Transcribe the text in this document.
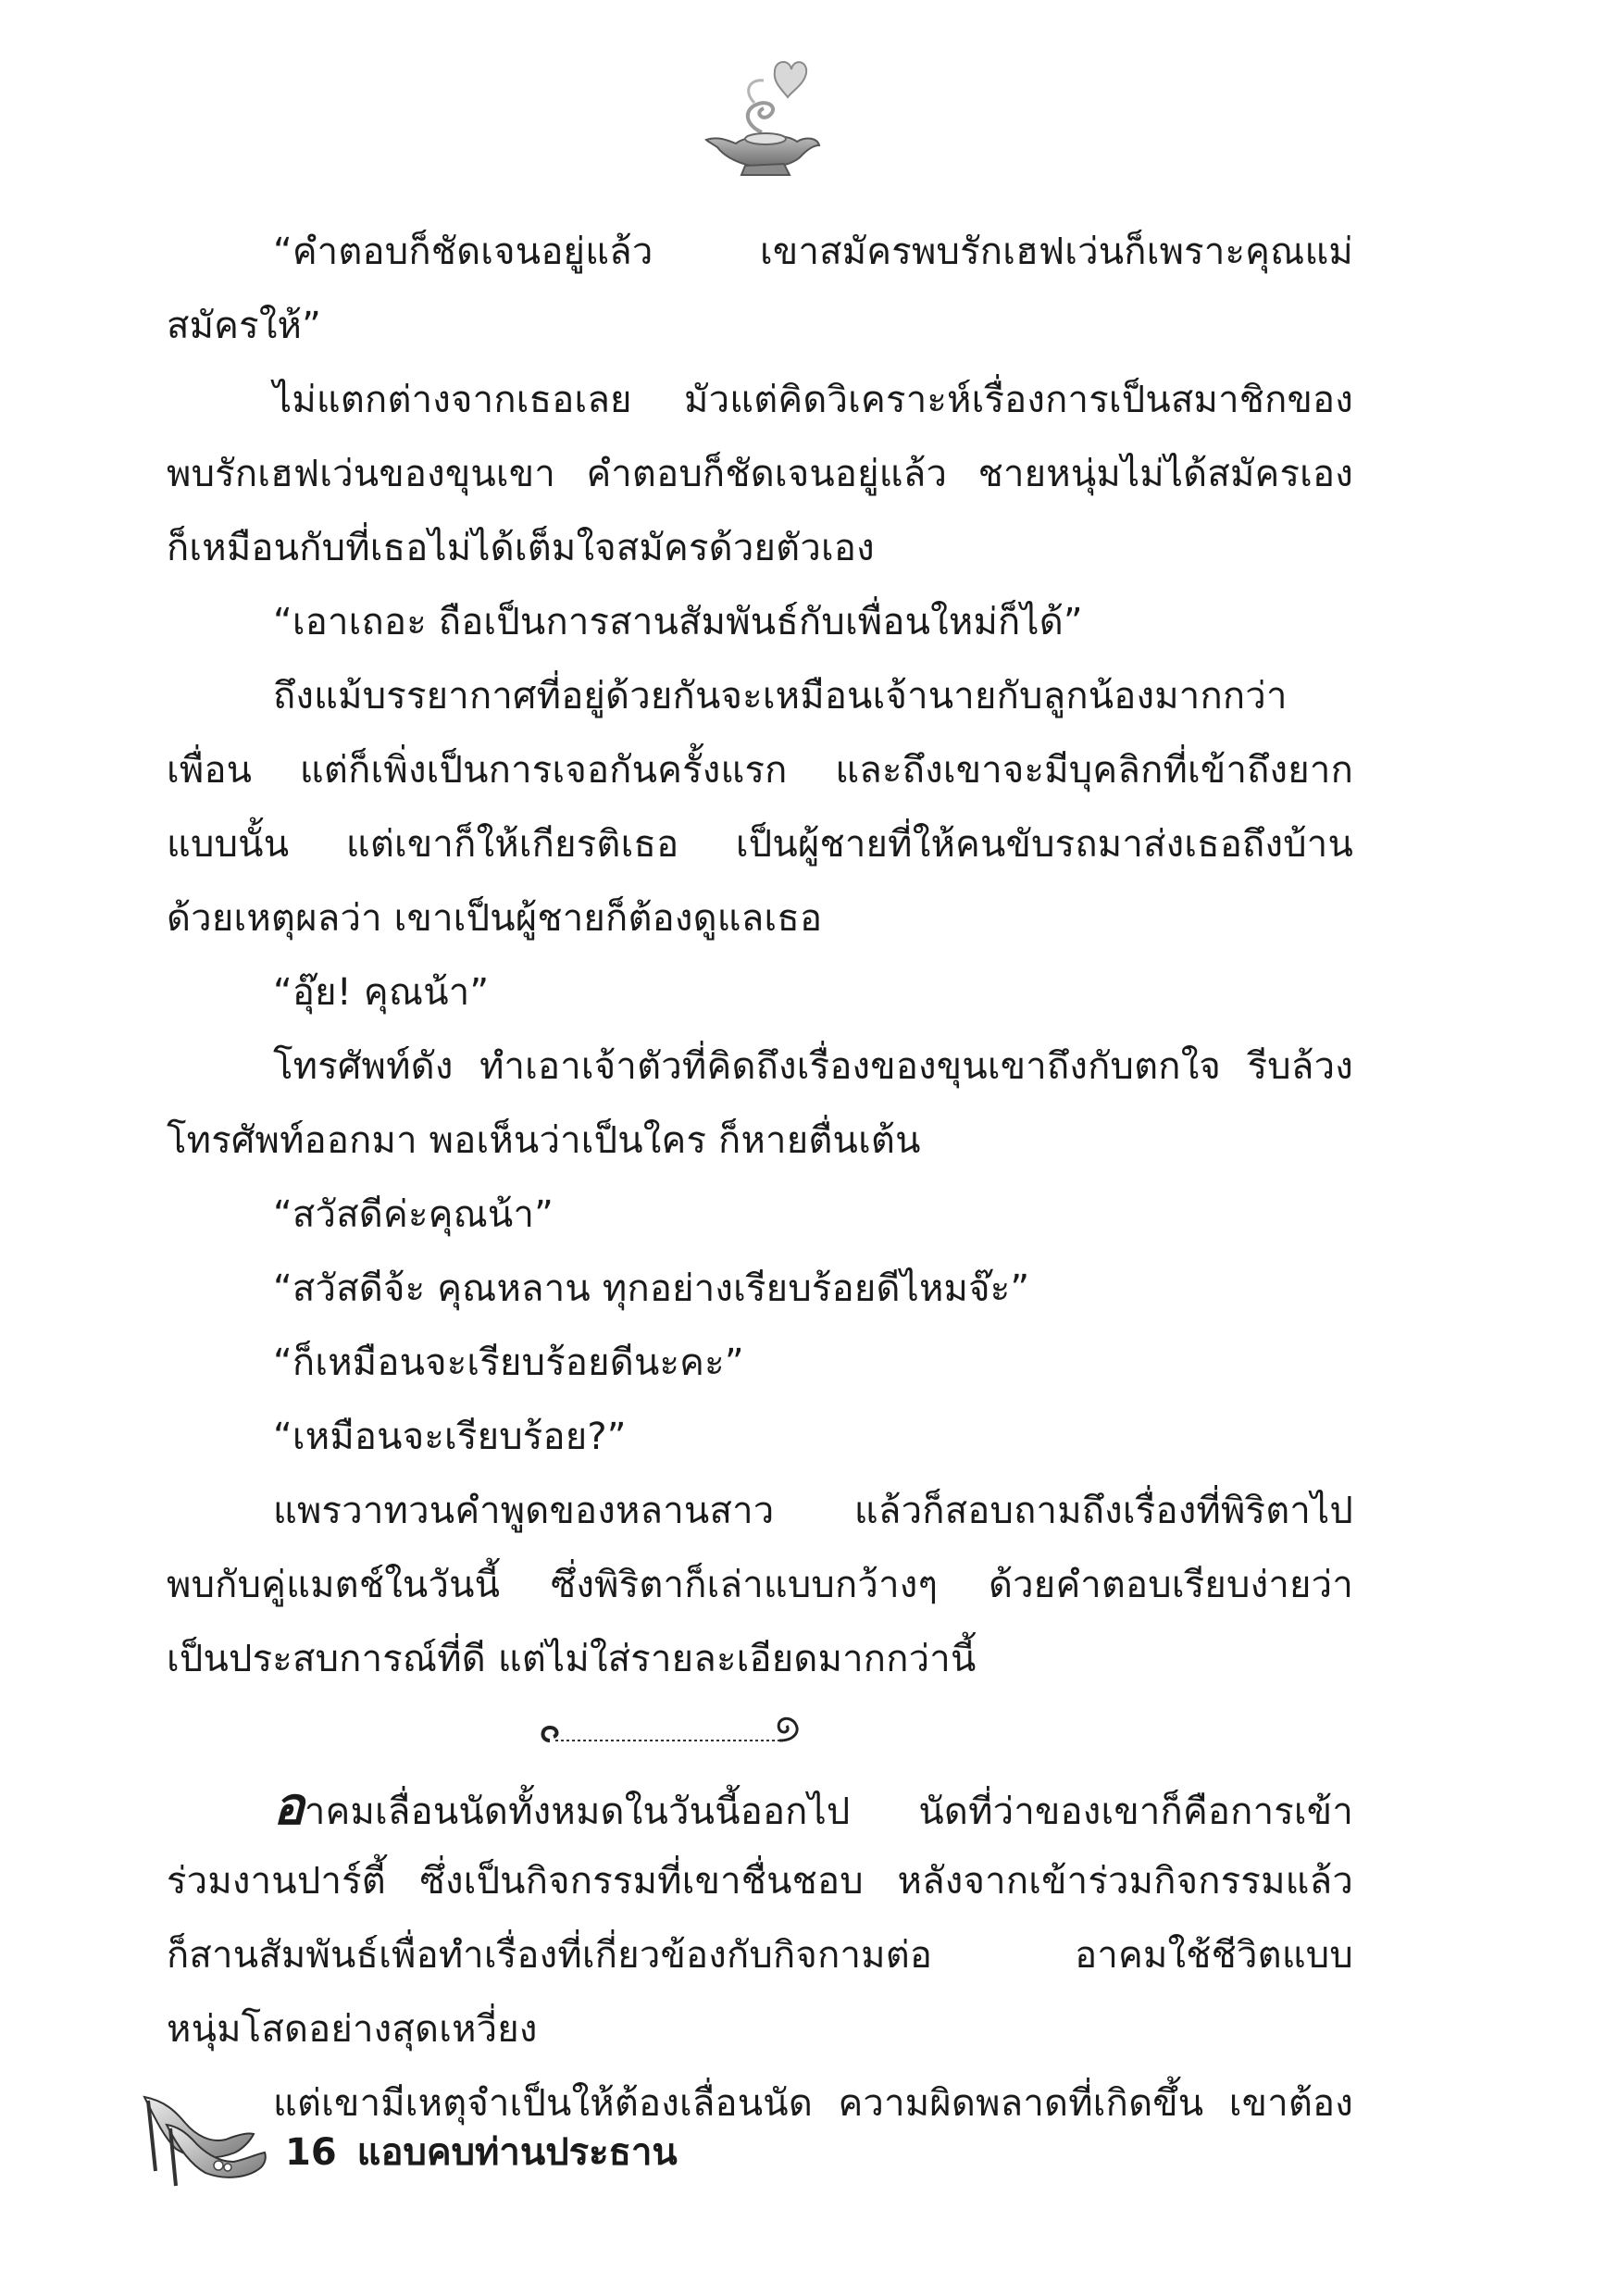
“คำตอบก็ชัดเจนอยู่แล้ว เขาสมัครพบรักเฮฟเว่นก็เพราะคุณแม่
สมัครให้”
ไม่แตกต่างจากเธอเลย มัวแต่คิดวิเคราะห์เรื่องการเป็นสมาชิกของ
พบรักเฮฟเว่นของขุนเขา คำตอบก็ชัดเจนอยู่แล้ว ชายหนุ่มไม่ได้สมัครเอง
ก็เหมือนกับที่เธอไม่ได้เต็มใจสมัครด้วยตัวเอง
“เอาเถอะ ถือเป็นการสานสัมพันธ์กับเพื่อนใหม่ก็ได้”
ถึงแม้บรรยากาศที่อยู่ด้วยกันจะเหมือนเจ้านายกับลูกน้องมากกว่า
เพื่อน แต่ก็เพิ่งเป็นการเจอกันครั้งแรก และถึงเขาจะมีบุคลิกที่เข้าถึงยาก
แบบนั้น แต่เขาก็ให้เกียรติเธอ เป็นผู้ชายที่ให้คนขับรถมาส่งเธอถึงบ้าน
ด้วยเหตุผลว่า เขาเป็นผู้ชายก็ต้องดูแลเธอ
“อุ๊ย! คุณน้า”
โทรศัพท์ดัง ทำเอาเจ้าตัวที่คิดถึงเรื่องของขุนเขาถึงกับตกใจ รีบล้วง
โทรศัพท์ออกมา พอเห็นว่าเป็นใคร ก็หายตื่นเต้น
“สวัสดีค่ะคุณน้า”
“สวัสดีจ้ะ คุณหลาน ทุกอย่างเรียบร้อยดีไหมจ๊ะ”
“ก็เหมือนจะเรียบร้อยดีนะคะ”
“เหมือนจะเรียบร้อย?”
แพรวาทวนคำพูดของหลานสาว แล้วก็สอบถามถึงเรื่องที่พิริตาไป
พบกับคู่แมตช์ในวันนี้ ซึ่งพิริตาก็เล่าแบบกว้างๆ ด้วยคำตอบเรียบง่ายว่า
เป็นประสบการณ์ที่ดี แต่ไม่ใส่รายละเอียดมากกว่านี้
อาคมเลื่อนนัดทั้งหมดในวันนี้ออกไป นัดที่ว่าของเขาก็คือการเข้า
ร่วมงานปาร์ตี้ ซึ่งเป็นกิจกรรมที่เขาชื่นชอบ หลังจากเข้าร่วมกิจกรรมแล้ว
ก็สานสัมพันธ์เพื่อทำเรื่องที่เกี่ยวข้องกับกิจกามต่อ อาคมใช้ชีวิตแบบ
หนุ่มโสดอย่างสุดเหวี่ยง
แต่เขามีเหตุจำเป็นให้ต้องเลื่อนนัด ความผิดพลาดที่เกิดขึ้น เขาต้อง
16 แอบคบท่านประธาน
